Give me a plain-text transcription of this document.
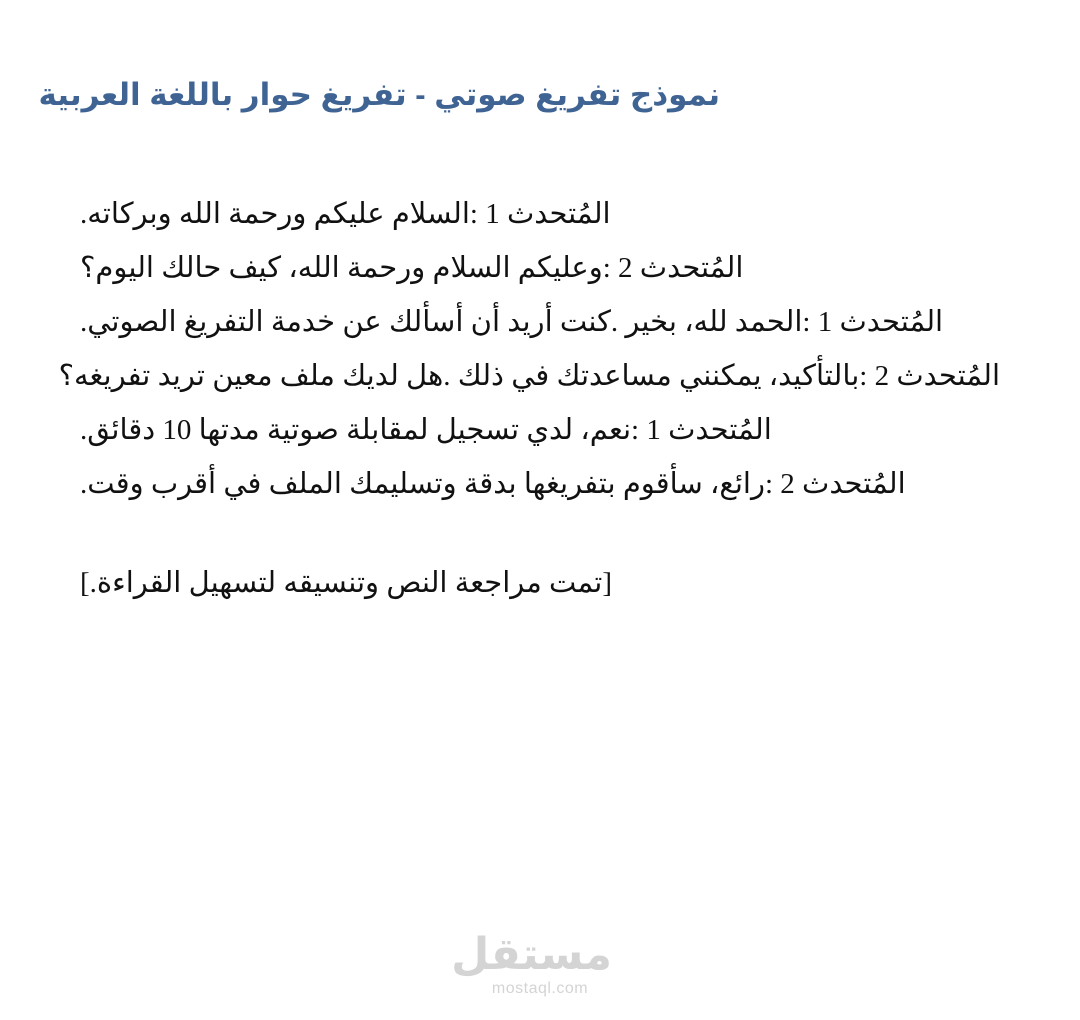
نموذج تفريغ صوتي - تفريغ حوار باللغة العربية
المُتحدث 1 :السلام عليكم ورحمة الله وبركاته.
المُتحدث 2 :وعليكم السلام ورحمة الله، كيف حالك اليوم؟
المُتحدث 1 :الحمد لله، بخير .كنت أريد أن أسألك عن خدمة التفريغ الصوتي.
المُتحدث 2 :بالتأكيد، يمكنني مساعدتك في ذلك .هل لديك ملف معين تريد تفريغه؟
المُتحدث 1 :نعم، لدي تسجيل لمقابلة صوتية مدتها 10 دقائق.
المُتحدث 2 :رائع، سأقوم بتفريغها بدقة وتسليمك الملف في أقرب وقت.
[تمت مراجعة النص وتنسيقه لتسهيل القراءة.]
مستقل
mostaql.com
